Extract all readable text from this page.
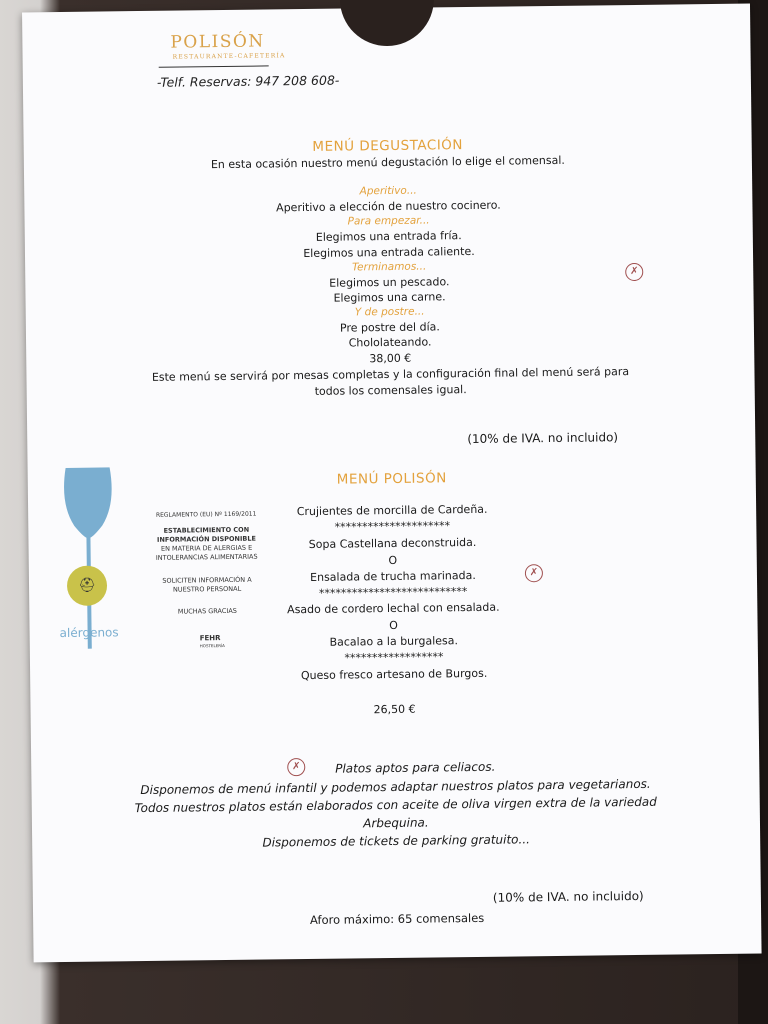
POLISÓN
RESTAURANTE-CAFETERÍA
-Telf. Reservas: 947 208 608-
MENÚ DEGUSTACIÓN
En esta ocasión nuestro menú degustación lo elige el comensal.
Aperitivo...
Aperitivo a elección de nuestro cocinero.
Para empezar...
Elegimos una entrada fría.
Elegimos una entrada caliente.
Terminamos...
Elegimos un pescado.
Elegimos una carne.
Y de postre...
Pre postre del día.
Chololateando.
38,00 €
Este menú se servirá por mesas completas y la configuración final del menú será para
todos los comensales igual.
✗
(10% de IVA. no incluido)
MENÚ POLISÓN
Crujientes de morcilla de Cardeña.
*********************
Sopa Castellana deconstruida.
O
Ensalada de trucha marinada.
***************************
Asado de cordero lechal con ensalada.
O
Bacalao a la burgalesa.
******************
Queso fresco artesano de Burgos.
26,50 €
✗
⛑
REGLAMENTO (EU) Nº 1169/2011
ESTABLECIMIENTO CON
INFORMACIÓN DISPONIBLE
EN MATERIA DE ALERGIAS E
INTOLERANCIAS ALIMENTARIAS
SOLICITEN INFORMACIÓN A
NUESTRO PERSONAL
MUCHAS GRACIAS
alérgenos	FEHR
HOSTELERÍA
✗	Platos aptos para celiacos.
Disponemos de menú infantil y podemos adaptar nuestros platos para vegetarianos.
Todos nuestros platos están elaborados con aceite de oliva virgen extra de la variedad
Arbequina.
Disponemos de tickets de parking gratuito...
(10% de IVA. no incluido)
Aforo máximo: 65 comensales
